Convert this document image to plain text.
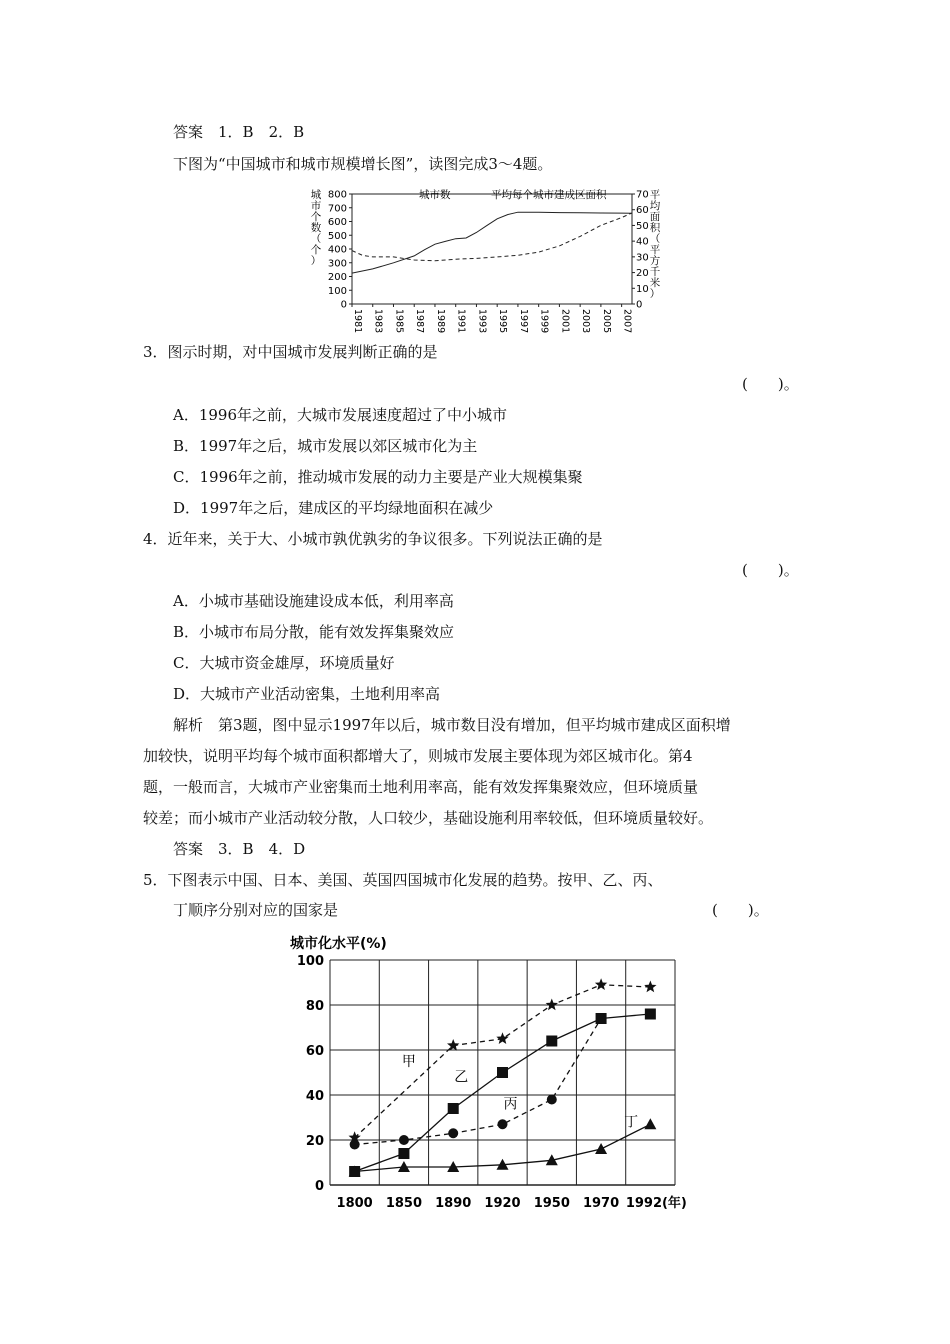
答案　1．B　2．B
下图为“中国城市和城市规模增长图”，读图完成3～4题。
800
700
600
500
400
300
200
100
0
70
60
50
40
30
20
10
0
1981 1983 1985 1987 1989 1991 1993 1995 1997 1999 2001 2003 2005 2007
城
市
个
数
（
个
）
平
均
面
积
（
平
方
千
米
）
城市数	平均每个城市建成区面积
3．图示时期，对中国城市发展判断正确的是
(　　)。
A．1996年之前，大城市发展速度超过了中小城市
B．1997年之后，城市发展以郊区城市化为主
C．1996年之前，推动城市发展的动力主要是产业大规模集聚
D．1997年之后，建成区的平均绿地面积在减少
4．近年来，关于大、小城市孰优孰劣的争议很多。下列说法正确的是
(　　)。
A．小城市基础设施建设成本低，利用率高
B．小城市布局分散，能有效发挥集聚效应
C．大城市资金雄厚，环境质量好
D．大城市产业活动密集，土地利用率高
解析　第3题，图中显示1997年以后，城市数目没有增加，但平均城市建成区面积增
加较快，说明平均每个城市面积都增大了，则城市发展主要体现为郊区城市化。第4
题，一般而言，大城市产业密集而土地利用率高，能有效发挥集聚效应，但环境质量
较差；而小城市产业活动较分散，人口较少，基础设施利用率较低，但环境质量较好。
答案　3．B　4．D
5．下图表示中国、日本、美国、英国四国城市化发展的趋势。按甲、乙、丙、
丁顺序分别对应的国家是	(　　)。
城市化水平(%)
100
80
60
40
20
0
1800 1850 1890 1920 1950 1970 1992(年)
甲
乙
丙
丁
